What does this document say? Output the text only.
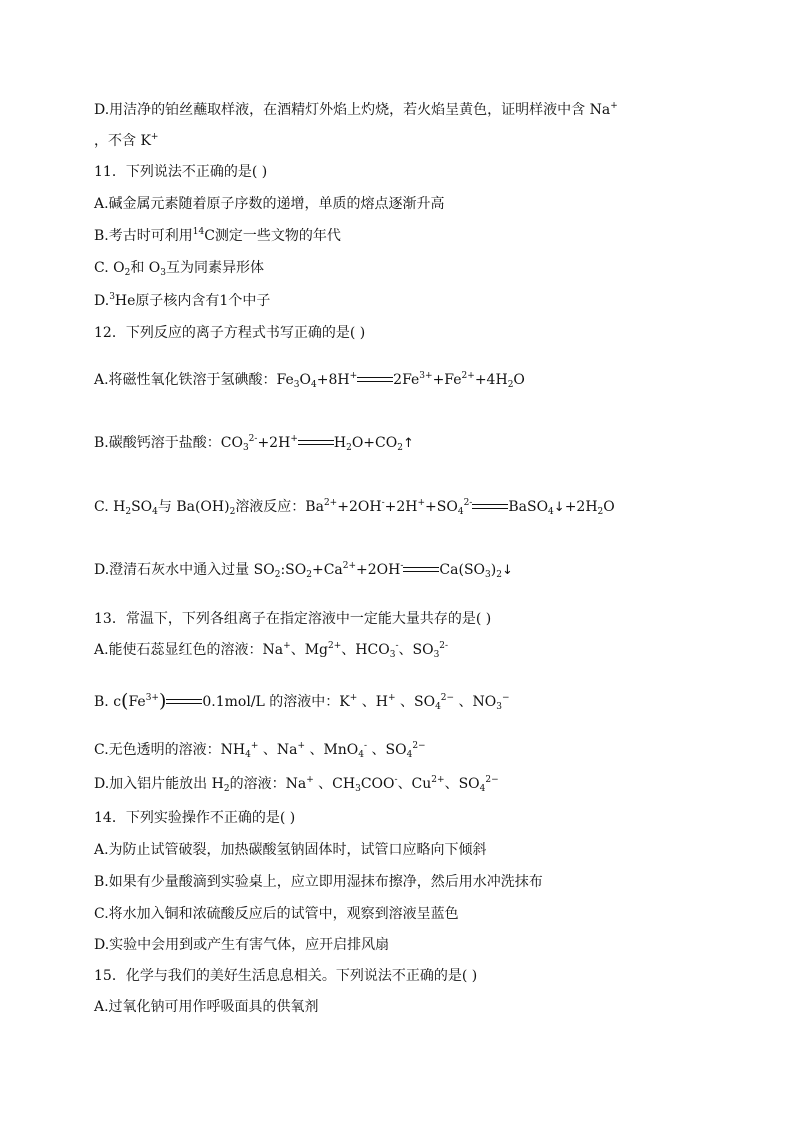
D.用洁净的铂丝蘸取样液，在酒精灯外焰上灼烧，若火焰呈黄色，证明样液中含 Na+
，不含 K+
11．下列说法不正确的是( )
A.碱金属元素随着原子序数的递增，单质的熔点逐渐升高
B.考古时可利用$^{14}$C测定一些文物的年代
C. $O_2$和 $O_3$互为同素异形体
D.$^3$He原子核内含有1个中子
12．下列反应的离子方程式书写正确的是( )
A.将磁性氧化铁溶于氢碘酸：$Fe_3O_4+8H^+$	$2Fe^{3+}+Fe^{2+}+4H_2O$
B.碳酸钙溶于盐酸：$CO_3^{2-}+2H^+$	$H_2O+CO_2↑$
C. $H_2SO_4$与 $Ba(OH)_2$溶液反应：$Ba^{2+}+2OH^-+2H^++SO_4^{2-}$	$BaSO_4↓+2H_2O$
D.澄清石灰水中通入过量 $SO_2:SO_2+Ca^{2+}+2OH^-$	$Ca(SO_3)_2↓$
13．常温下，下列各组离子在指定溶液中一定能大量共存的是( )
A.能使石蕊显红色的溶液：Na+、$Mg^{2+}$、$HCO_3^-$、$SO_3^{2-}$
B. $c(Fe^{3+})$	0.1mol/L 的溶液中：K+ 、H+ 、$SO_4^{2-}$ 、$NO_3^-$
C.无色透明的溶液：$NH_4^+$ 、Na+ 、MnO$_4$- 、$SO_4^{2-}$
D.加入铝片能放出 $H_2$的溶液：Na+ 、$CH_3COO^-$、$Cu^{2+}$、$SO_4^{2-}$
14．下列实验操作不正确的是( )
A.为防止试管破裂，加热碳酸氢钠固体时，试管口应略向下倾斜
B.如果有少量酸滴到实验桌上，应立即用湿抹布擦净，然后用水冲洗抹布
C.将水加入铜和浓硫酸反应后的试管中，观察到溶液呈蓝色
D.实验中会用到或产生有害气体，应开启排风扇
15．化学与我们的美好生活息息相关。下列说法不正确的是( )
A.过氧化钠可用作呼吸面具的供氧剂
